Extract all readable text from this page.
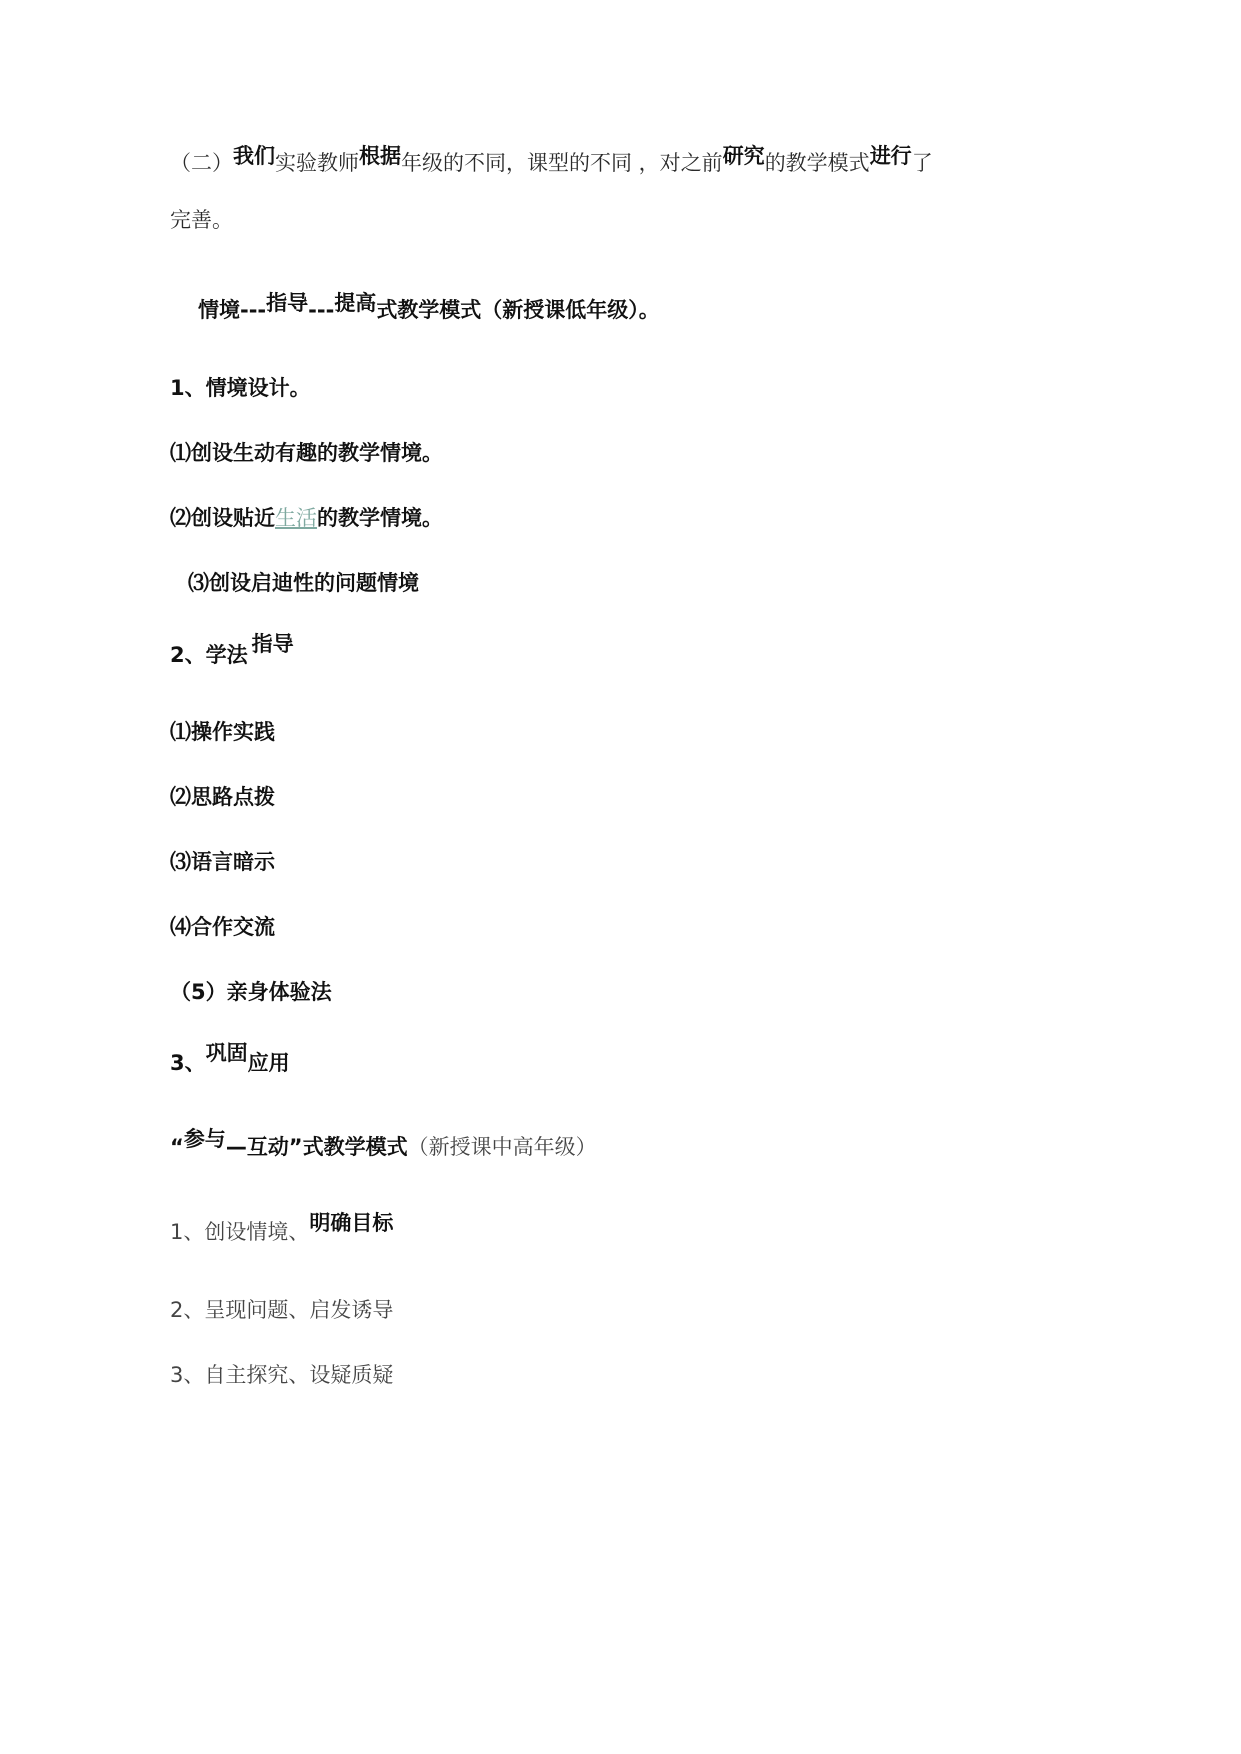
（二）我们实验教师根据年级的不同，课型的不同 ，对之前研究的教学模式进行了
完善。
情境---指导---提高式教学模式（新授课低年级）。
1、情境设计。
⑴创设生动有趣的教学情境。
⑵创设贴近生活的教学情境。
⑶创设启迪性的问题情境
2、学法 指导
⑴操作实践
⑵思路点拨
⑶语言暗示
⑷合作交流
（5）亲身体验法
3、巩固应用
“参与—互动”式教学模式（新授课中高年级）
1、创设情境、明确目标
2、呈现问题、启发诱导
3、自主探究、设疑质疑
